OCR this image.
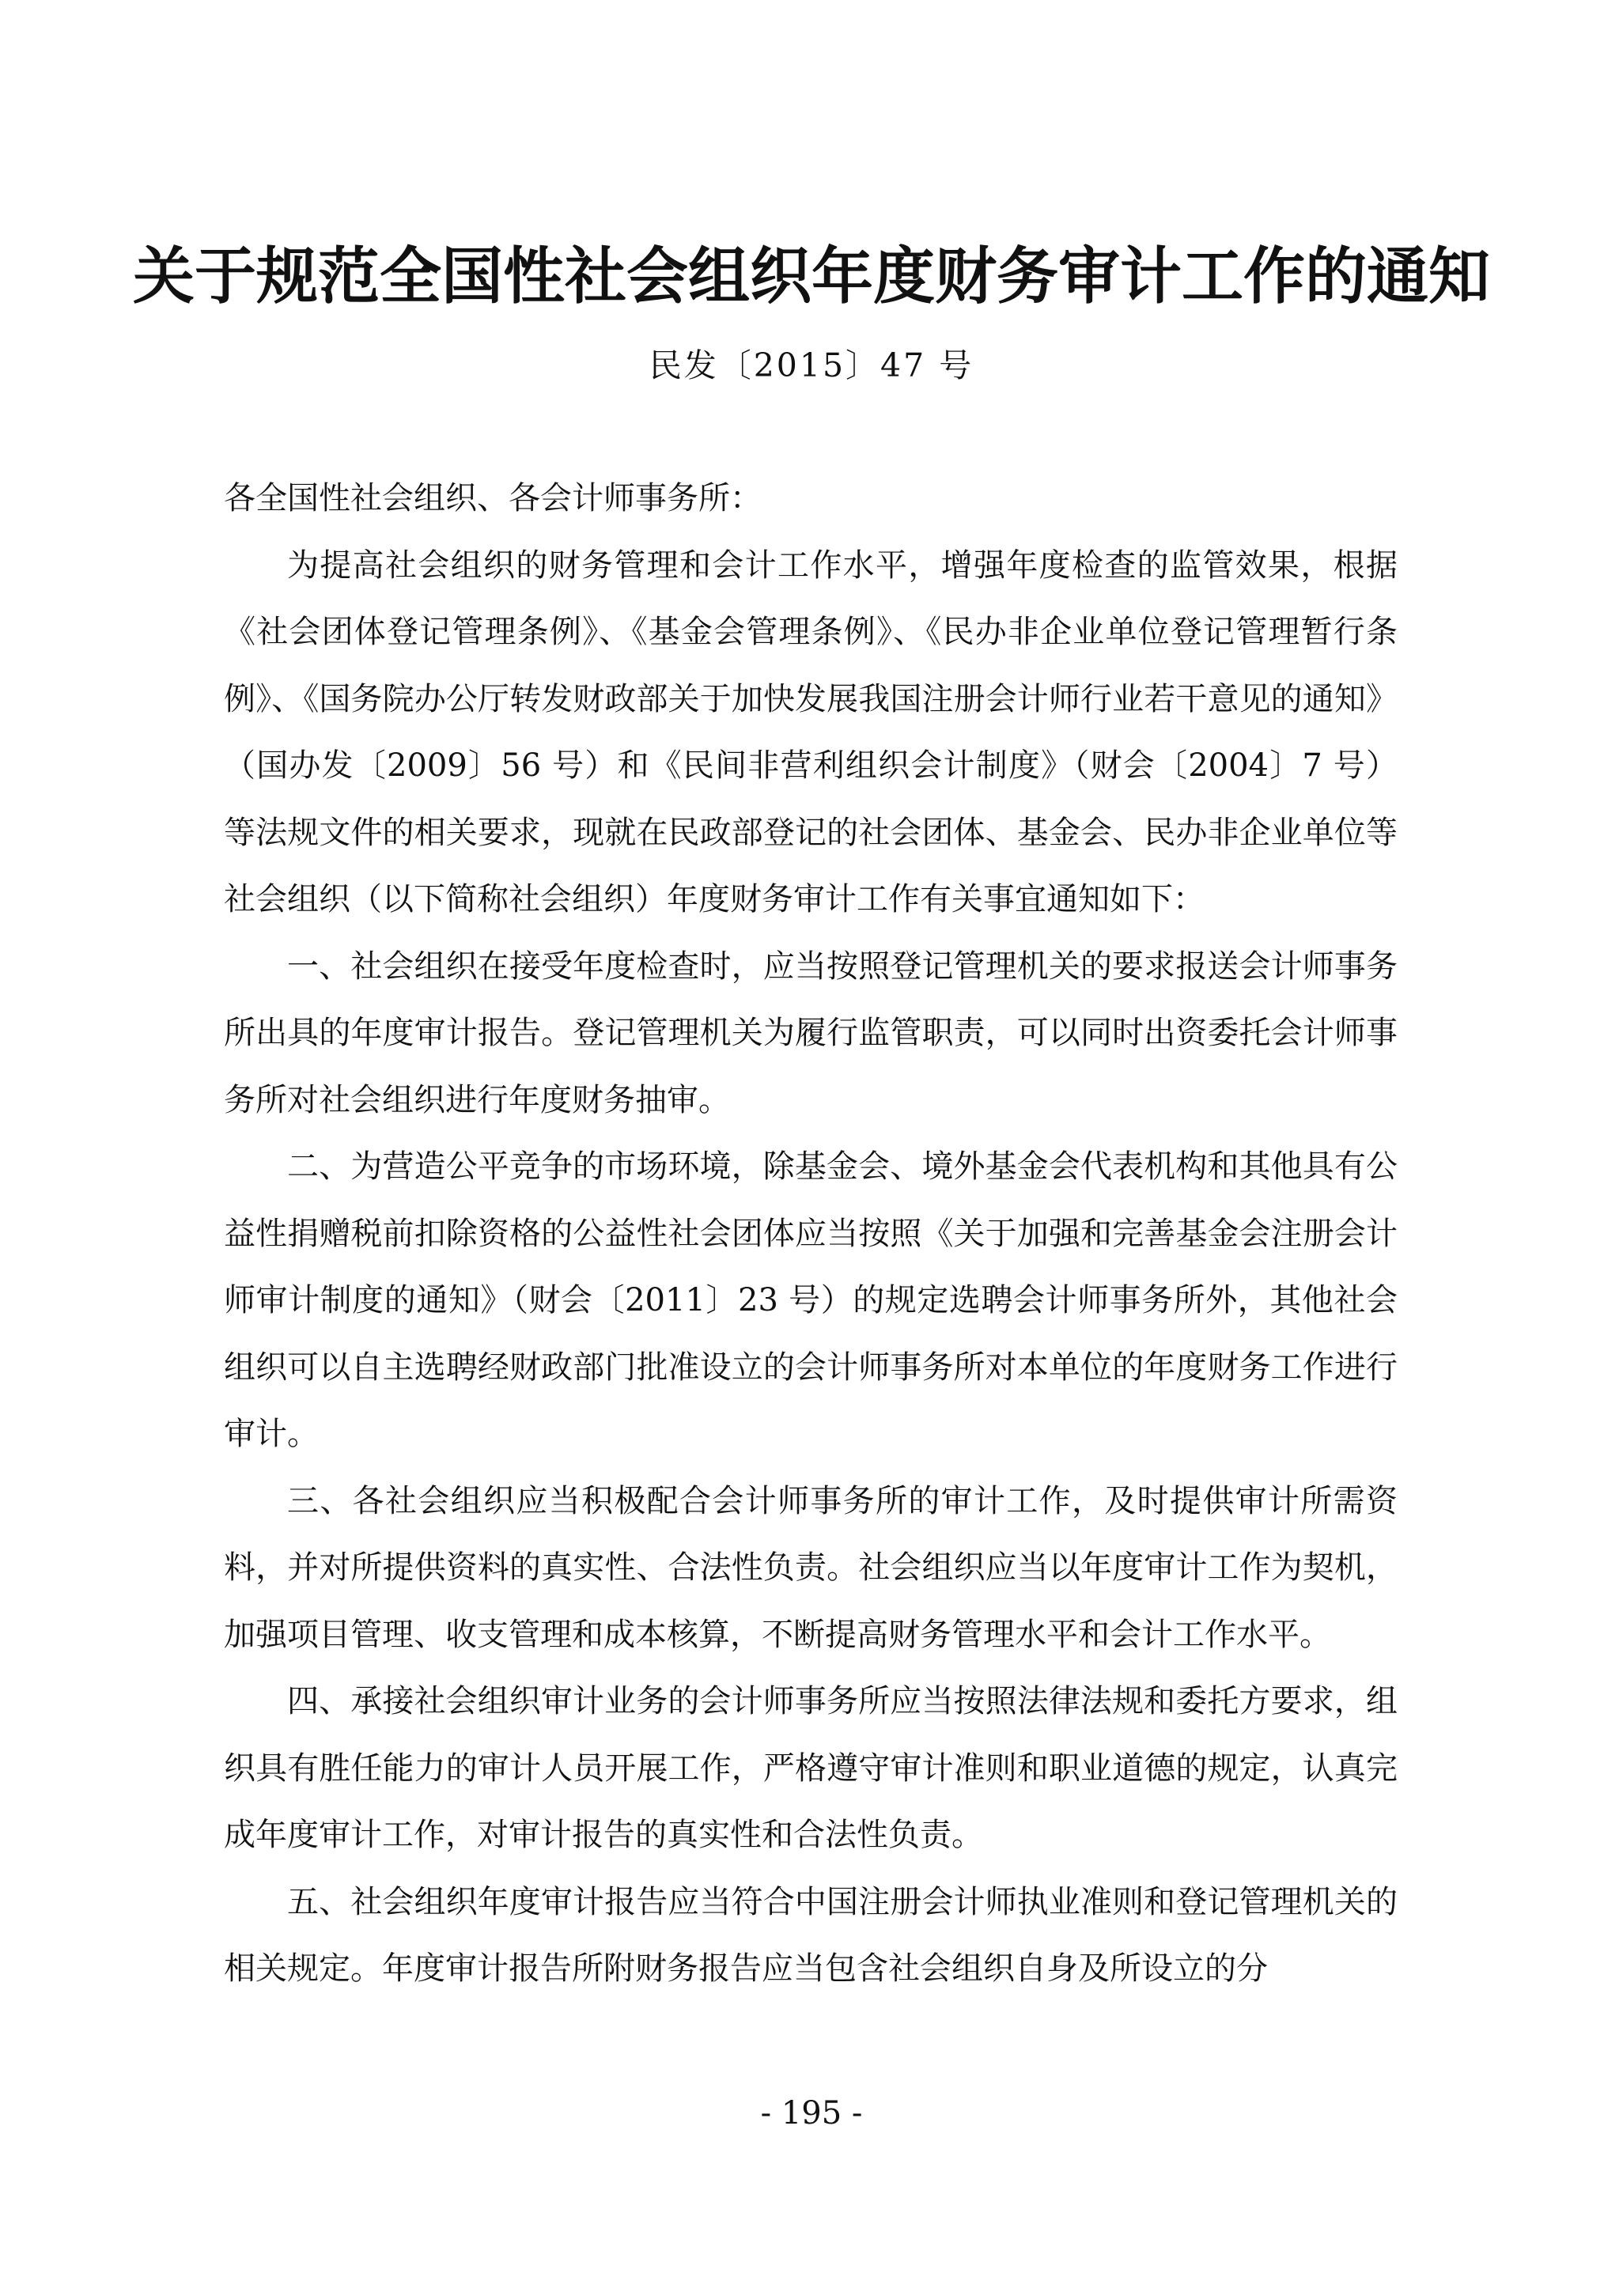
关于规范全国性社会组织年度财务审计工作的通知
民发〔2015〕47 号

各全国性社会组织、各会计师事务所：

为提高社会组织的财务管理和会计工作水平，增强年度检查的监管效果，根据《社会团体登记管理条例》、《基金会管理条例》、《民办非企业单位登记管理暂行条例》、《国务院办公厅转发财政部关于加快发展我国注册会计师行业若干意见的通知》（国办发〔2009〕56 号）和《民间非营利组织会计制度》（财会〔2004〕7 号）等法规文件的相关要求，现就在民政部登记的社会团体、基金会、民办非企业单位等社会组织（以下简称社会组织）年度财务审计工作有关事宜通知如下：

一、社会组织在接受年度检查时，应当按照登记管理机关的要求报送会计师事务所出具的年度审计报告。登记管理机关为履行监管职责，可以同时出资委托会计师事务所对社会组织进行年度财务抽审。

二、为营造公平竞争的市场环境，除基金会、境外基金会代表机构和其他具有公益性捐赠税前扣除资格的公益性社会团体应当按照《关于加强和完善基金会注册会计师审计制度的通知》（财会〔2011〕23 号）的规定选聘会计师事务所外，其他社会组织可以自主选聘经财政部门批准设立的会计师事务所对本单位的年度财务工作进行审计。

三、各社会组织应当积极配合会计师事务所的审计工作，及时提供审计所需资料，并对所提供资料的真实性、合法性负责。社会组织应当以年度审计工作为契机，加强项目管理、收支管理和成本核算，不断提高财务管理水平和会计工作水平。

四、承接社会组织审计业务的会计师事务所应当按照法律法规和委托方要求，组织具有胜任能力的审计人员开展工作，严格遵守审计准则和职业道德的规定，认真完成年度审计工作，对审计报告的真实性和合法性负责。

五、社会组织年度审计报告应当符合中国注册会计师执业准则和登记管理机关的相关规定。年度审计报告所附财务报告应当包含社会组织自身及所设立的分

- 195 -
